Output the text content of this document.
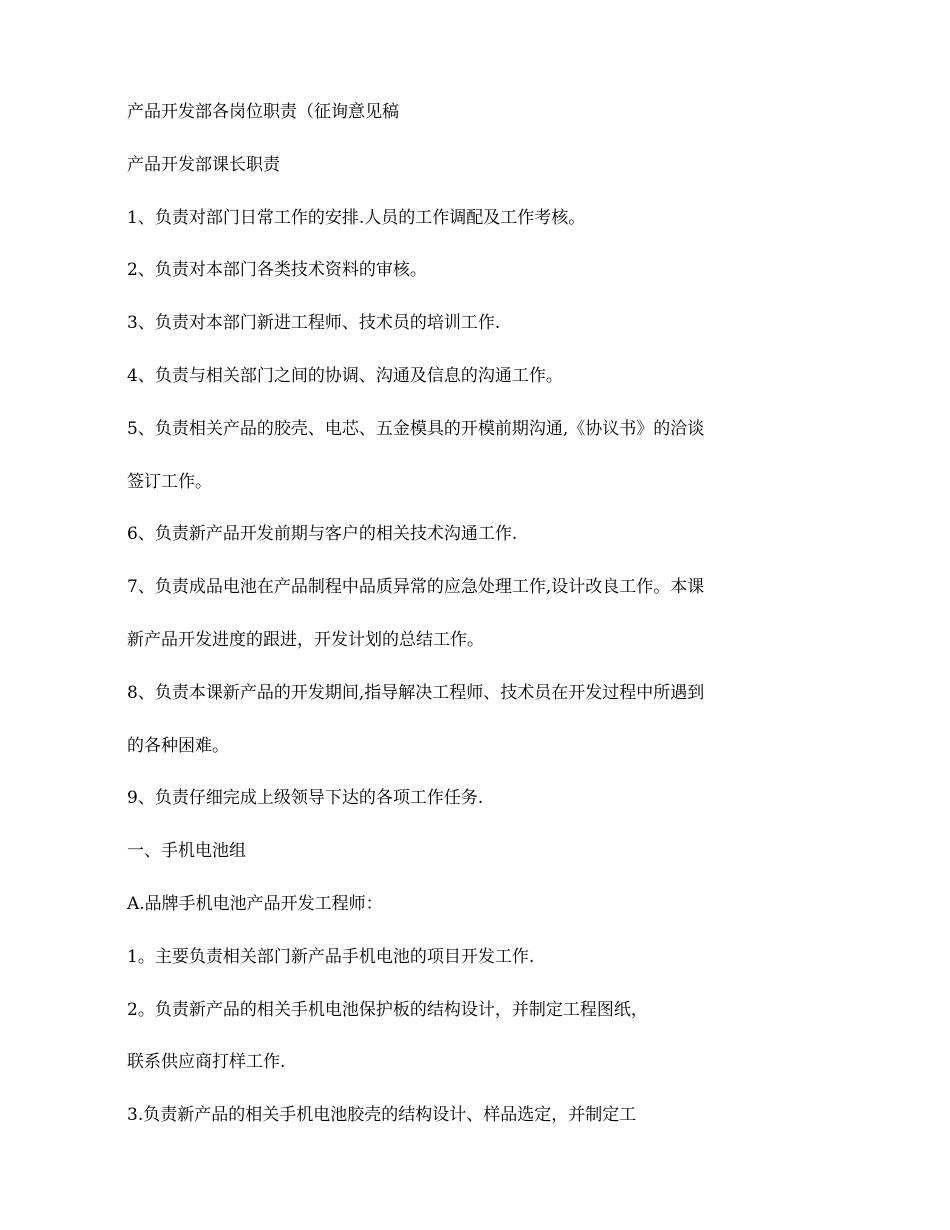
产品开发部各岗位职责（征询意见稿
产品开发部课长职责
1、负责对部门日常工作的安排.人员的工作调配及工作考核。
2、负责对本部门各类技术资料的审核。
3、负责对本部门新进工程师、技术员的培训工作.
4、负责与相关部门之间的协调、沟通及信息的沟通工作。
5、负责相关产品的胶壳、电芯、五金模具的开模前期沟通,《协议书》的洽谈
签订工作。
6、负责新产品开发前期与客户的相关技术沟通工作.
7、负责成品电池在产品制程中品质异常的应急处理工作,设计改良工作。本课
新产品开发进度的跟进，开发计划的总结工作。
8、负责本课新产品的开发期间,指导解决工程师、技术员在开发过程中所遇到
的各种困难。
9、负责仔细完成上级领导下达的各项工作任务.
一、手机电池组
A.品牌手机电池产品开发工程师：
1。主要负责相关部门新产品手机电池的项目开发工作.
2。负责新产品的相关手机电池保护板的结构设计，并制定工程图纸，
联系供应商打样工作.
3.负责新产品的相关手机电池胶壳的结构设计、样品选定，并制定工
